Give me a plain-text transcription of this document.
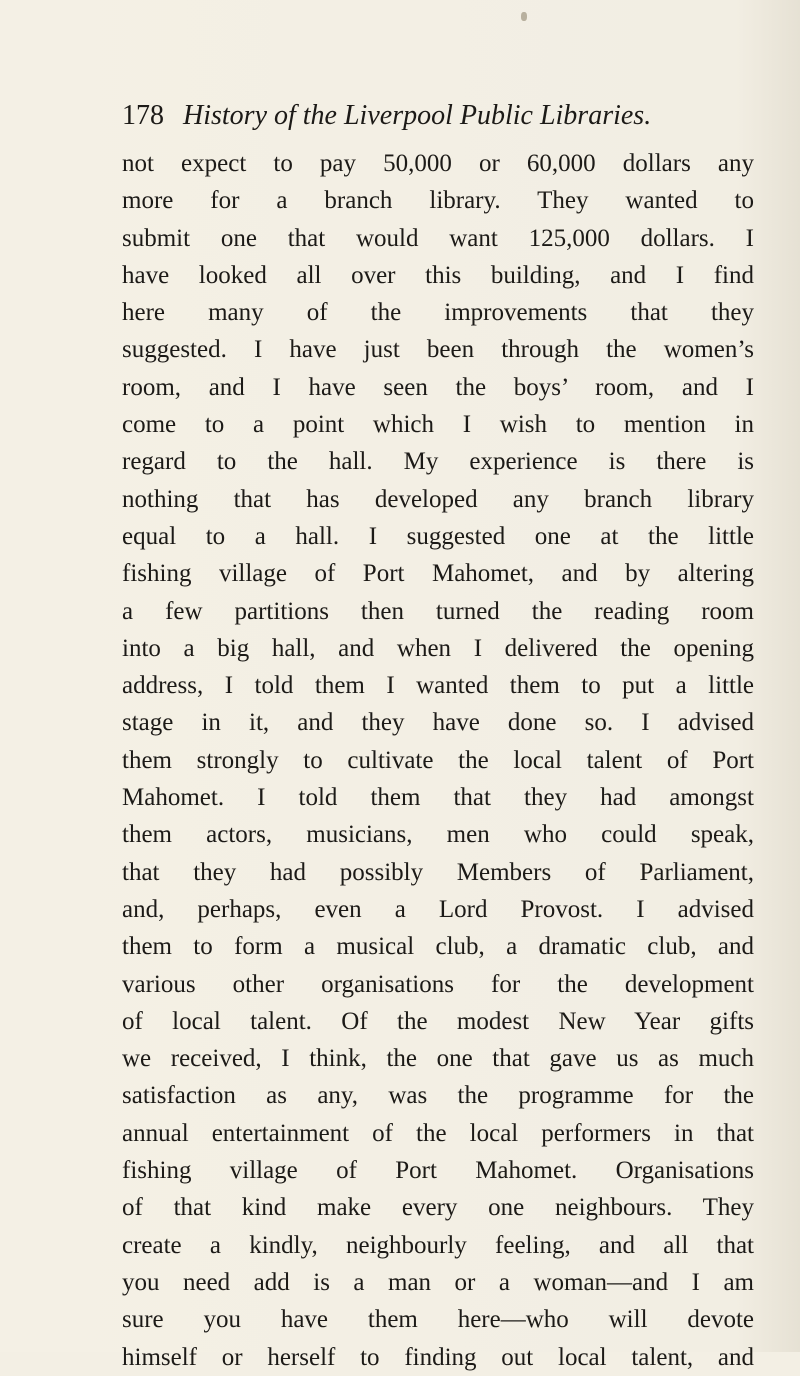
178 History of the Liverpool Public Libraries.
not expect to pay 50,000 or 60,000 dollars any
more for a branch library. They wanted to
submit one that would want 125,000 dollars. I
have looked all over this building, and I find
here many of the improvements that they
suggested. I have just been through the women’s
room, and I have seen the boys’ room, and I
come to a point which I wish to mention in
regard to the hall. My experience is there is
nothing that has developed any branch library
equal to a hall. I suggested one at the little
fishing village of Port Mahomet, and by altering
a few partitions then turned the reading room
into a big hall, and when I delivered the opening
address, I told them I wanted them to put a little
stage in it, and they have done so. I advised
them strongly to cultivate the local talent of Port
Mahomet. I told them that they had amongst
them actors, musicians, men who could speak,
that they had possibly Members of Parliament,
and, perhaps, even a Lord Provost. I advised
them to form a musical club, a dramatic club, and
various other organisations for the development
of local talent. Of the modest New Year gifts
we received, I think, the one that gave us as much
satisfaction as any, was the programme for the
annual entertainment of the local performers in that
fishing village of Port Mahomet. Organisations
of that kind make every one neighbours. They
create a kindly, neighbourly feeling, and all that
you need add is a man or a woman—and I am
sure you have them here—who will devote
himself or herself to finding out local talent, and
